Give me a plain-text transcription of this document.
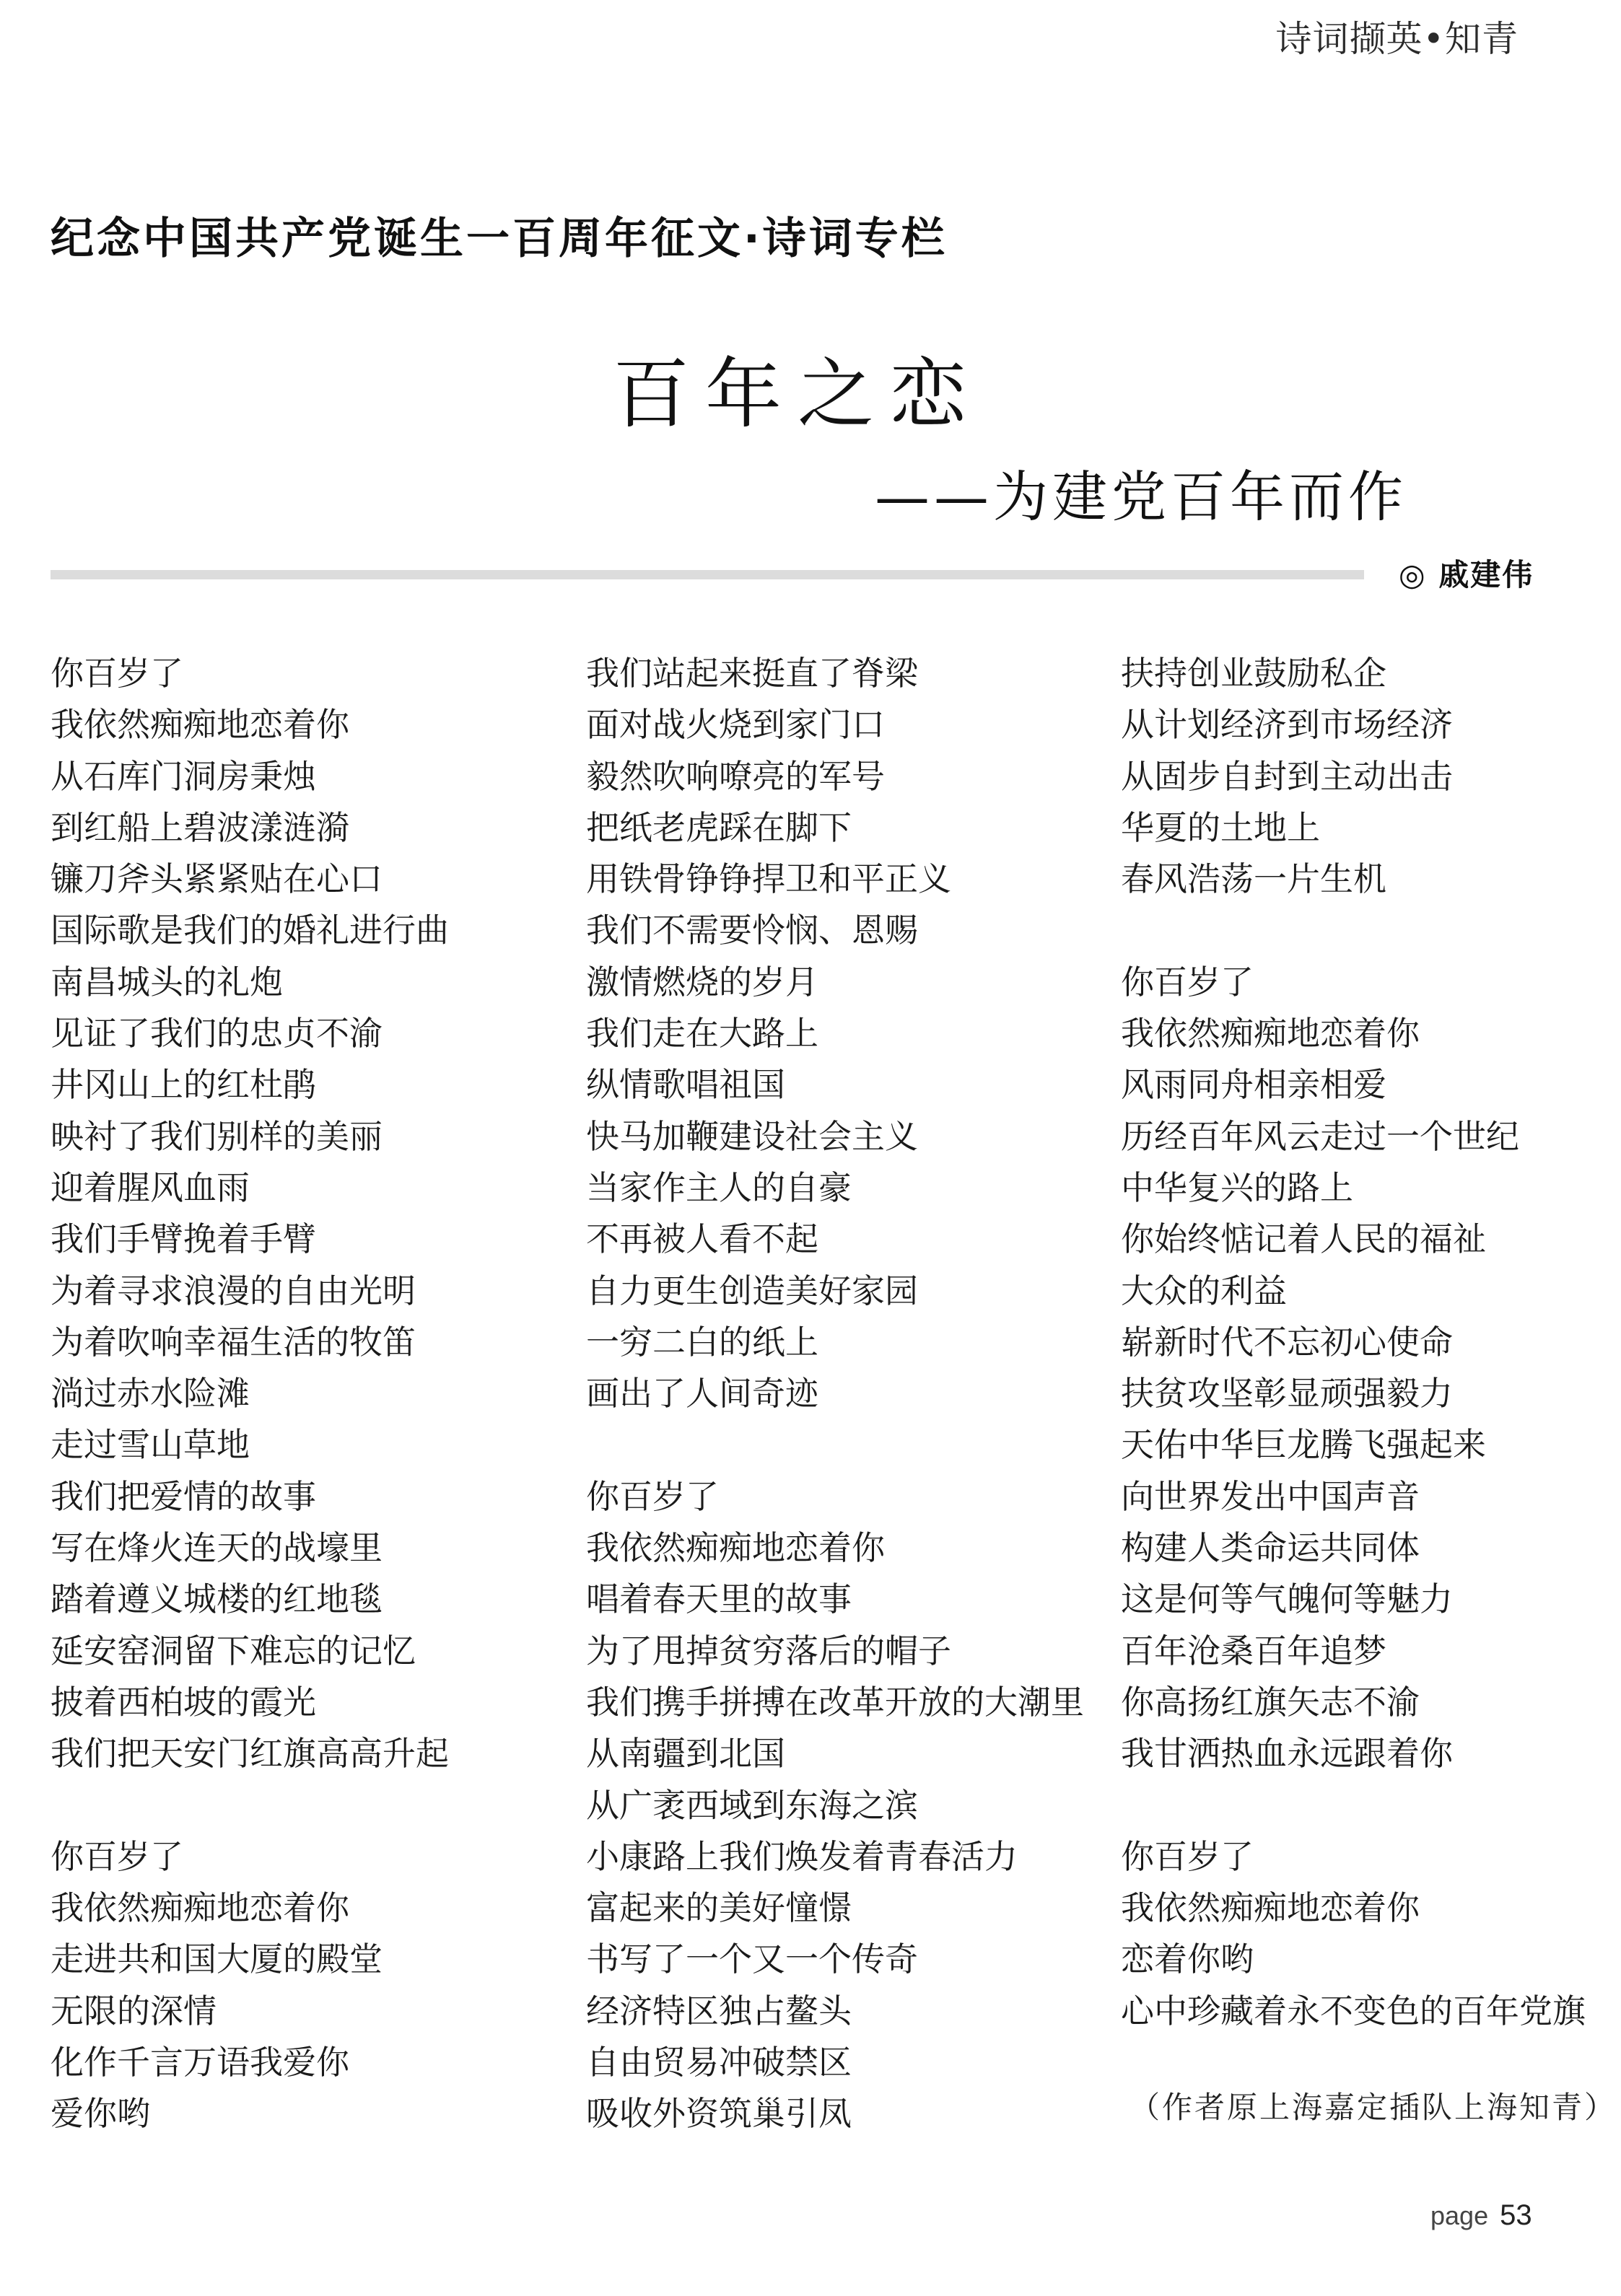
诗词撷英•知青
纪念中国共产党诞生一百周年征文·诗词专栏
百年之恋
——为建党百年而作
◎ 戚建伟
你百岁了
我依然痴痴地恋着你
从石库门洞房秉烛
到红船上碧波漾涟漪
镰刀斧头紧紧贴在心口
国际歌是我们的婚礼进行曲
南昌城头的礼炮
见证了我们的忠贞不渝
井冈山上的红杜鹃
映衬了我们别样的美丽
迎着腥风血雨
我们手臂挽着手臂
为着寻求浪漫的自由光明
为着吹响幸福生活的牧笛
淌过赤水险滩
走过雪山草地
我们把爱情的故事
写在烽火连天的战壕里
踏着遵义城楼的红地毯
延安窑洞留下难忘的记忆
披着西柏坡的霞光
我们把天安门红旗高高升起
你百岁了
我依然痴痴地恋着你
走进共和国大厦的殿堂
无限的深情
化作千言万语我爱你
爱你哟
我们站起来挺直了脊梁
面对战火烧到家门口
毅然吹响嘹亮的军号
把纸老虎踩在脚下
用铁骨铮铮捍卫和平正义
我们不需要怜悯、恩赐
激情燃烧的岁月
我们走在大路上
纵情歌唱祖国
快马加鞭建设社会主义
当家作主人的自豪
不再被人看不起
自力更生创造美好家园
一穷二白的纸上
画出了人间奇迹
你百岁了
我依然痴痴地恋着你
唱着春天里的故事
为了甩掉贫穷落后的帽子
我们携手拼搏在改革开放的大潮里
从南疆到北国
从广袤西域到东海之滨
小康路上我们焕发着青春活力
富起来的美好憧憬
书写了一个又一个传奇
经济特区独占鳌头
自由贸易冲破禁区
吸收外资筑巢引凤
扶持创业鼓励私企
从计划经济到市场经济
从固步自封到主动出击
华夏的土地上
春风浩荡一片生机
你百岁了
我依然痴痴地恋着你
风雨同舟相亲相爱
历经百年风云走过一个世纪
中华复兴的路上
你始终惦记着人民的福祉
大众的利益
崭新时代不忘初心使命
扶贫攻坚彰显顽强毅力
天佑中华巨龙腾飞强起来
向世界发出中国声音
构建人类命运共同体
这是何等气魄何等魅力
百年沧桑百年追梦
你高扬红旗矢志不渝
我甘洒热血永远跟着你
你百岁了
我依然痴痴地恋着你
恋着你哟
心中珍藏着永不变色的百年党旗
（作者原上海嘉定插队上海知青）
page 53
